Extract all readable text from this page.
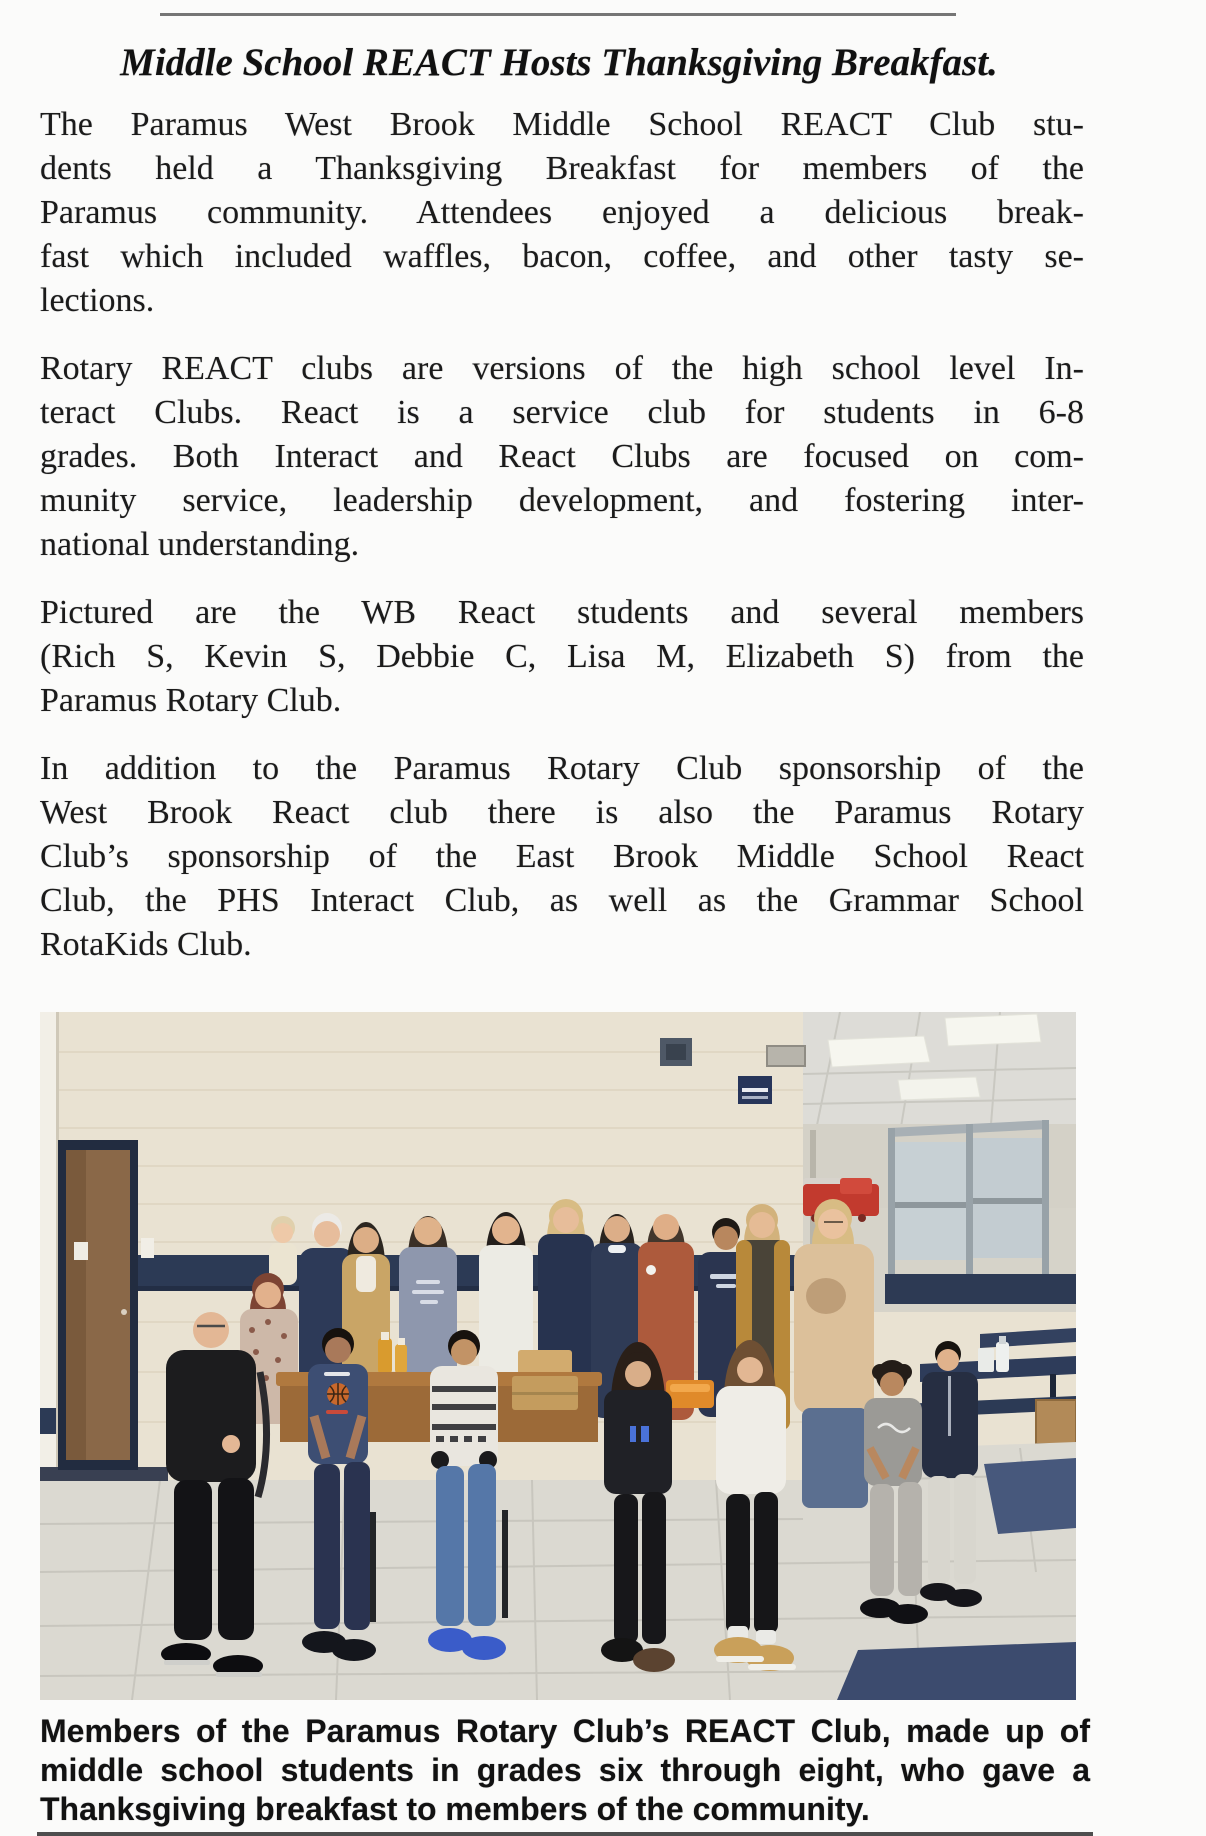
Middle School REACT Hosts Thanksgiving Breakfast.
The Paramus West Brook Middle School REACT Club stu-
dents held a Thanksgiving Breakfast for members of the
Paramus community. Attendees enjoyed a delicious break-
fast which included waffles, bacon, coffee, and other tasty se-
lections.
Rotary REACT clubs are versions of the high school level In-
teract Clubs. React is a service club for students in 6-8
grades. Both Interact and React Clubs are focused on com-
munity service, leadership development, and fostering inter-
national understanding.
Pictured are the WB React students and several members
(Rich S, Kevin S, Debbie C, Lisa M, Elizabeth S) from the
Paramus Rotary Club.
In addition to the Paramus Rotary Club sponsorship of the
West Brook React club there is also the Paramus Rotary
Club’s sponsorship of the East Brook Middle School React
Club, the PHS Interact Club, as well as the Grammar School
RotaKids Club.
Members of the Paramus Rotary Club’s REACT Club, made up of
middle school students in grades six through eight, who gave a
Thanksgiving breakfast to members of the community.
